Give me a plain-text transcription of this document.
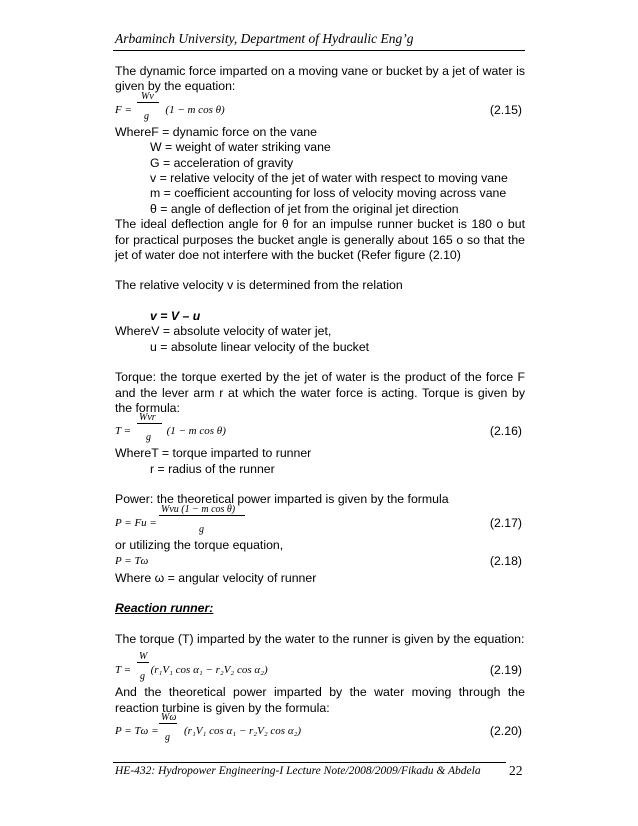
Arbaminch University, Department of Hydraulic Eng’g

The dynamic force imparted on a moving vane or bucket by a jet of water is given by the equation:

F =	(1 − m cos θ)
Wv
g	(2.15)

WhereF = dynamic force on the vane

W = weight of water striking vane

G = acceleration of gravity

v = relative velocity of the jet of water with respect to moving vane

m = coefficient accounting for loss of velocity moving across vane

θ = angle of deflection of jet from the original jet direction

The ideal deflection angle for θ for an impulse runner bucket is 180 o but for practical purposes the bucket angle is generally about 165 o so that the jet of water doe not interfere with the bucket (Refer figure (2.10)

The relative velocity v is determined from the relation

v = V – u

WhereV = absolute velocity of water jet,

u = absolute linear velocity of the bucket

Torque: the torque exerted by the jet of water is the product of the force F and the lever arm r at which the water force is acting. Torque is given by the formula:

T =	(1 − m cos θ)
Wvr
g	(2.16)

WhereT = torque imparted to runner

r = radius of the runner

Power: the theoretical power imparted is given by the formula

P = Fu =
Wvu (1 − m cos θ)
g	(2.17)

or utilizing the torque equation,

P = Tω	(2.18)

Where ω = angular velocity of runner

Reaction runner:

The torque (T) imparted by the water to the runner is given by the equation:

T = (r₁V₁ cos α₁ − r₂V₂ cos α₂)
W
g	(2.19)

And the theoretical power imparted by the water moving through the reaction turbine is given by the formula:

P = Tω = (r₁V₁ cos α₁ − r₂V₂ cos α₂)
Wω
g	(2.20)
HE-432: Hydropower Engineering-I Lecture Note/2008/2009/Fikadu & Abdela 22
